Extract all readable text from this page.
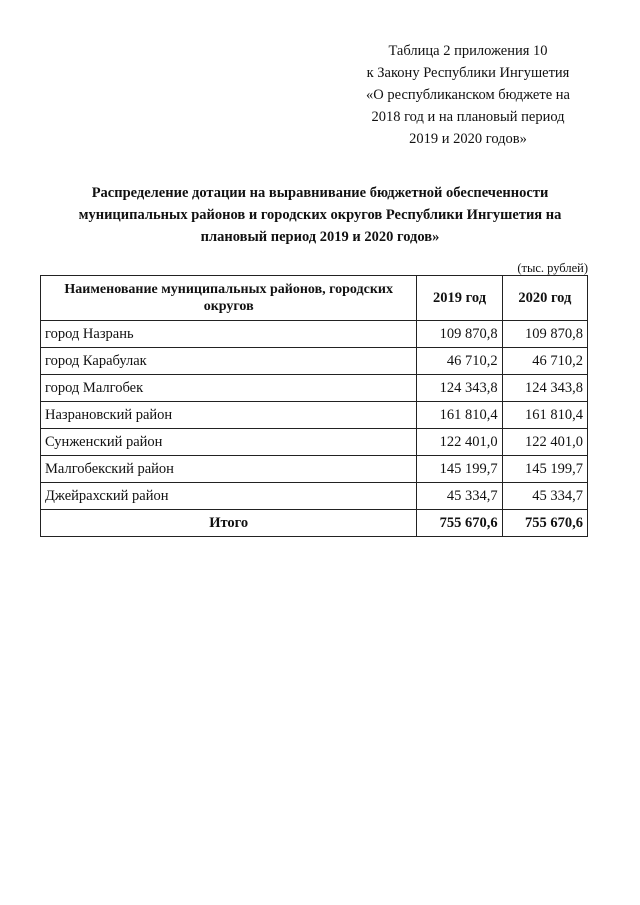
Таблица 2 приложения 10
к Закону Республики Ингушетия
«О республиканском бюджете на
2018 год и на плановый период
2019 и 2020 годов»
Распределение дотации на выравнивание бюджетной обеспеченности
муниципальных районов и городских округов Республики Ингушетия на
плановый период 2019 и 2020 годов»
(тыс. рублей)
Наименование муниципальных районов, городских округов	2019 год	2020 год
город Назрань	109 870,8	109 870,8
город Карабулак	46 710,2	46 710,2
город Малгобек	124 343,8	124 343,8
Назрановский район	161 810,4	161 810,4
Сунженский район	122 401,0	122 401,0
Малгобекский район	145 199,7	145 199,7
Джейрахский район	45 334,7	45 334,7
Итого	755 670,6	755 670,6
